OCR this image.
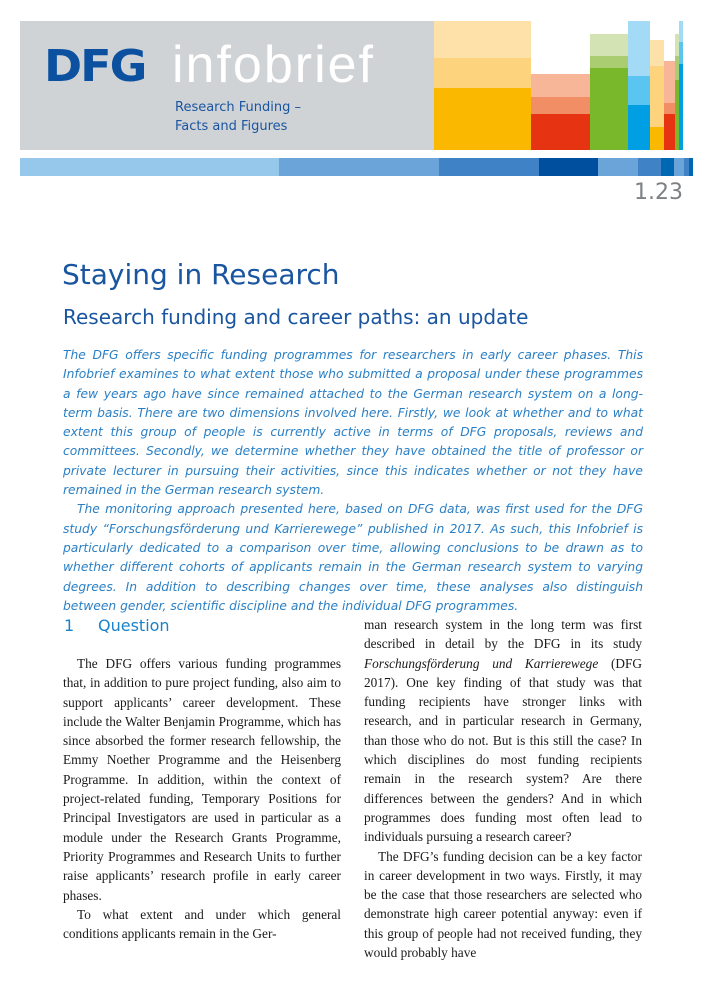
DFG infobrief
Research Funding –
Facts and Figures
1.23
Staying in Research
Research funding and career paths: an update

The DFG offers specific funding programmes for researchers in early career phases. This Infobrief examines to what extent those who submitted a proposal under these programmes a few years ago have since remained attached to the German research system on a long-term basis. There are two dimensions involved here. Firstly, we look at whether and to what extent this group of people is currently active in terms of DFG proposals, reviews and committees. Secondly, we determine whether they have obtained the title of professor or private lecturer in pursuing their activities, since this indicates whether or not they have remained in the German research system.

The monitoring approach presented here, based on DFG data, was first used for the DFG study “Forschungsförderung und Karrierewege” published in 2017. As such, this Infobrief is particularly dedicated to a comparison over time, allowing conclusions to be drawn as to whether different cohorts of applicants remain in the German research system to varying degrees. In addition to describing changes over time, these analyses also distinguish between gender, scientific discipline and the individual DFG programmes.

1 Question

The DFG offers various funding programmes that, in addition to pure project funding, also aim to support applicants’ career development. These include the Walter Benjamin Programme, which has since absorbed the former research fellowship, the Emmy Noether Programme and the Heisenberg Programme. In addition, within the context of project-related funding, Temporary Positions for Principal Investigators are used in particular as a module under the Research Grants Programme, Priority Programmes and Research Units to further raise applicants’ research profile in early career phases.

To what extent and under which general conditions applicants remain in the Ger-

man research system in the long term was first described in detail by the DFG in its study Forschungsförderung und Karrierewege (DFG 2017). One key finding of that study was that funding recipients have stronger links with research, and in particular research in Germany, than those who do not. But is this still the case? In which disciplines do most funding recipients remain in the research system? Are there differences between the genders? And in which programmes does funding most often lead to individuals pursuing a research career?

The DFG’s funding decision can be a key factor in career development in two ways. Firstly, it may be the case that those researchers are selected who demonstrate high career potential anyway: even if this group of people had not received funding, they would probably have
